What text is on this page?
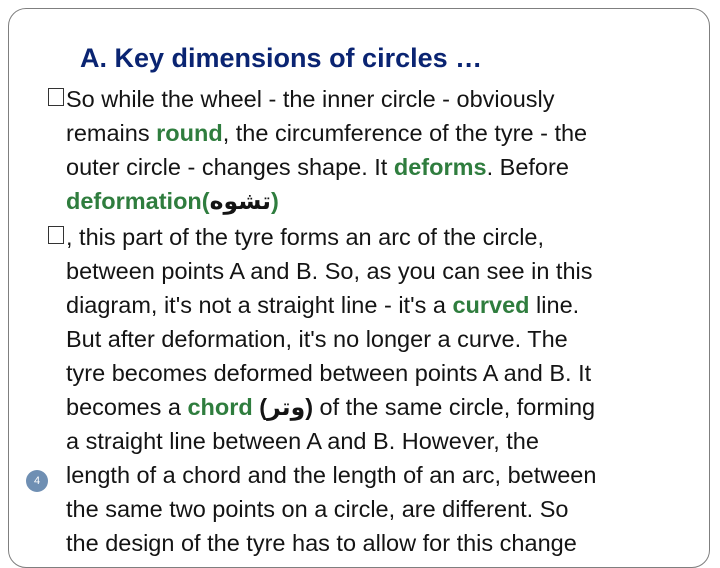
A. Key dimensions of circles …
So while the wheel - the inner circle - obviously
remains round, the circumference of the tyre - the
outer circle - changes shape. It deforms. Before
deformation(تشوه)
, this part of the tyre forms an arc of the circle,
between points A and B. So, as you can see in this
diagram, it's not a straight line - it's a curved line.
But after deformation, it's no longer a curve. The
tyre becomes deformed between points A and B. It
becomes a chord (وتر) of the same circle, forming
a straight line between A and B. However, the
length of a chord and the length of an arc, between
the same two points on a circle, are different. So
the design of the tyre has to allow for this change
4
